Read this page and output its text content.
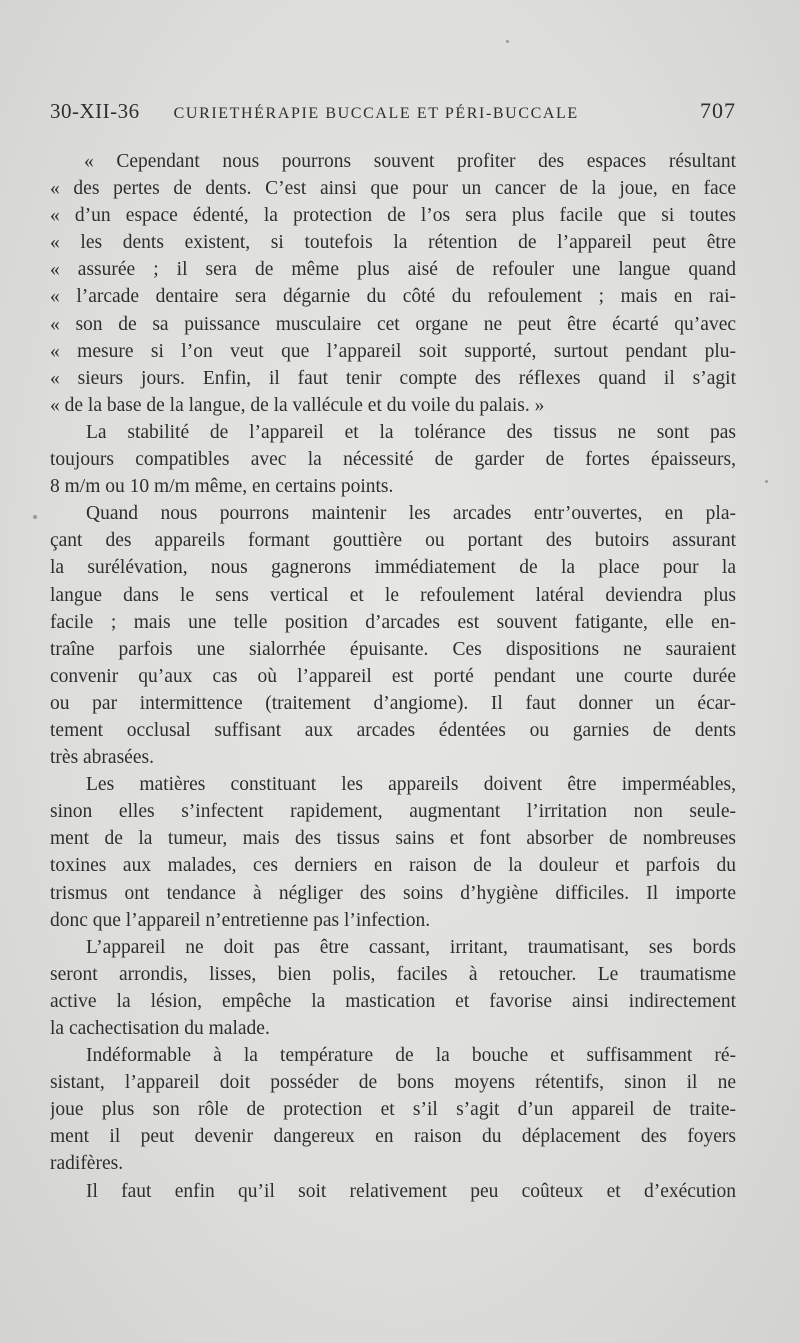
30-XII-36 CURIETHÉRAPIE BUCCALE ET PÉRI-BUCCALE	707
« Cependant nous pourrons souvent profiter des espaces résultant
« des pertes de dents. C’est ainsi que pour un cancer de la joue, en face
« d’un espace édenté, la protection de l’os sera plus facile que si toutes
« les dents existent, si toutefois la rétention de l’appareil peut être
« assurée ; il sera de même plus aisé de refouler une langue quand
« l’arcade dentaire sera dégarnie du côté du refoulement ; mais en rai-
« son de sa puissance musculaire cet organe ne peut être écarté qu’avec
« mesure si l’on veut que l’appareil soit supporté, surtout pendant plu-
« sieurs jours. Enfin, il faut tenir compte des réflexes quand il s’agit
« de la base de la langue, de la vallécule et du voile du palais. »
La stabilité de l’appareil et la tolérance des tissus ne sont pas
toujours compatibles avec la nécessité de garder de fortes épaisseurs,
8 m/m ou 10 m/m même, en certains points.
Quand nous pourrons maintenir les arcades entr’ouvertes, en pla-
çant des appareils formant gouttière ou portant des butoirs assurant
la surélévation, nous gagnerons immédiatement de la place pour la
langue dans le sens vertical et le refoulement latéral deviendra plus
facile ; mais une telle position d’arcades est souvent fatigante, elle en-
traîne parfois une sialorrhée épuisante. Ces dispositions ne sauraient
convenir qu’aux cas où l’appareil est porté pendant une courte durée
ou par intermittence (traitement d’angiome). Il faut donner un écar-
tement occlusal suffisant aux arcades édentées ou garnies de dents
très abrasées.
Les matières constituant les appareils doivent être imperméables,
sinon elles s’infectent rapidement, augmentant l’irritation non seule-
ment de la tumeur, mais des tissus sains et font absorber de nombreuses
toxines aux malades, ces derniers en raison de la douleur et parfois du
trismus ont tendance à négliger des soins d’hygiène difficiles. Il importe
donc que l’appareil n’entretienne pas l’infection.
L’appareil ne doit pas être cassant, irritant, traumatisant, ses bords
seront arrondis, lisses, bien polis, faciles à retoucher. Le traumatisme
active la lésion, empêche la mastication et favorise ainsi indirectement
la cachectisation du malade.
Indéformable à la température de la bouche et suffisamment ré-
sistant, l’appareil doit posséder de bons moyens rétentifs, sinon il ne
joue plus son rôle de protection et s’il s’agit d’un appareil de traite-
ment il peut devenir dangereux en raison du déplacement des foyers
radifères.
Il faut enfin qu’il soit relativement peu coûteux et d’exécution
